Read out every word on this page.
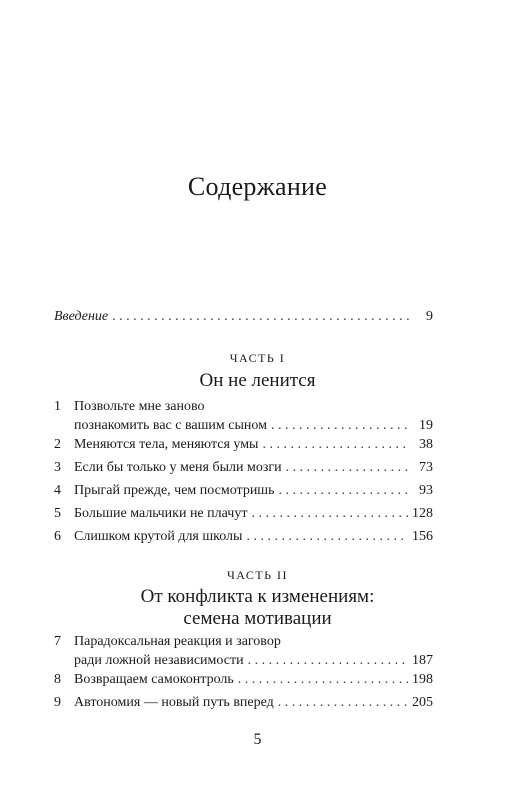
Содержание
Введение . . .	9
ЧАСТЬ I
Он не ленится
1 Позвольте мне заново
познакомить вас с вашим сыном . . .	19
2 Меняются тела, меняются умы . . .	38
3 Если бы только у меня были мозги . . .	73
4 Прыгай прежде, чем посмотришь . . .	93
5 Большие мальчики не плачут . . .	128
6 Слишком крутой для школы . . .	156
ЧАСТЬ II
От конфликта к изменениям:
семена мотивации
7 Парадоксальная реакция и заговор
ради ложной независимости . . .	187
8 Возвращаем самоконтроль . . .	198
9 Автономия — новый путь вперед . . .	205
5
